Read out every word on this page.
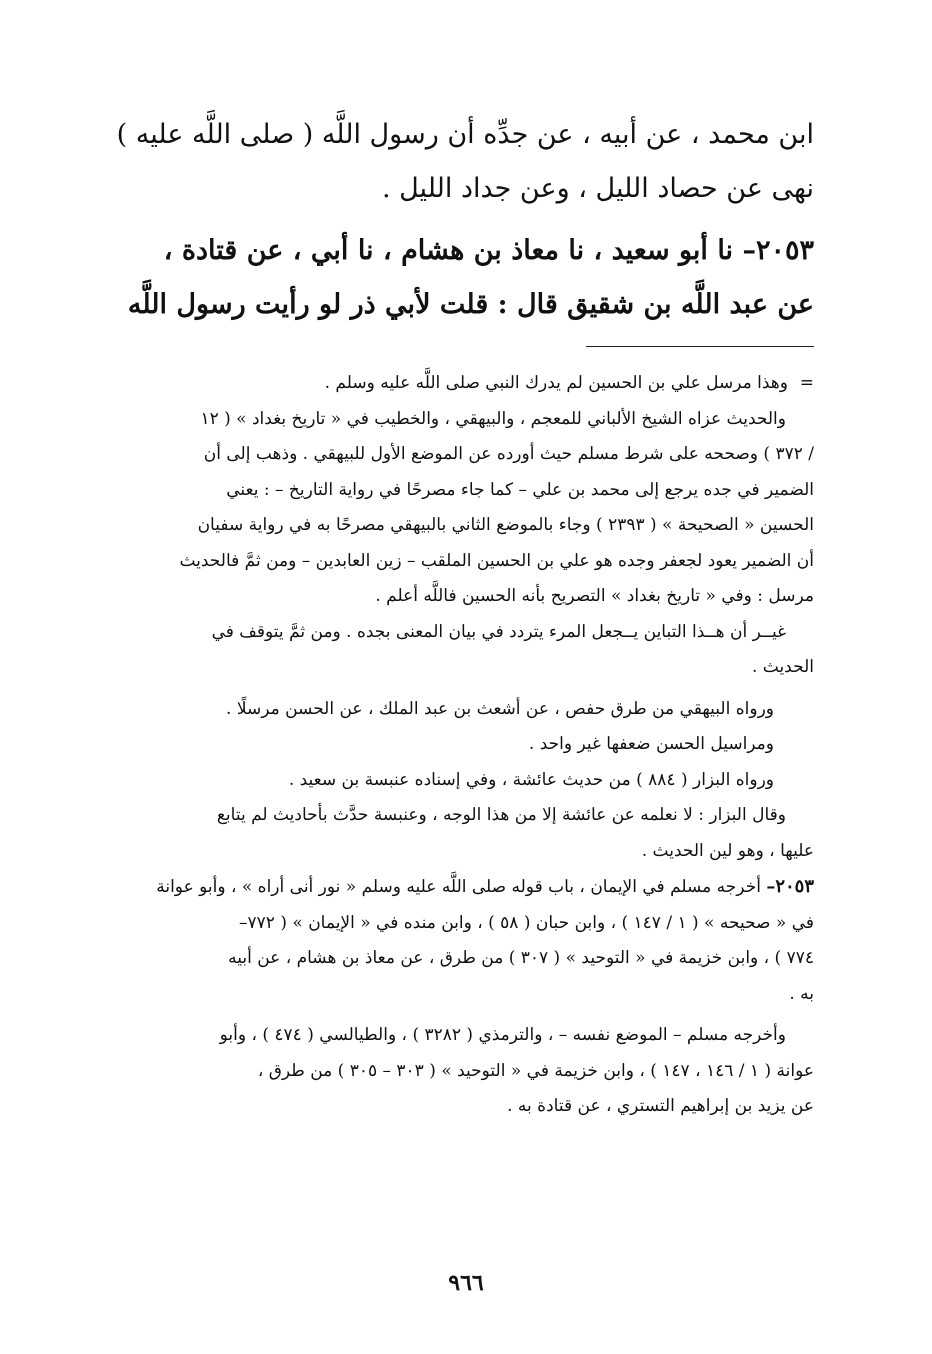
ابن محمد ، عن أبيه ، عن جدِّه أن رسول اللَّه ( صلى اللَّه عليه )
نهى عن حصاد الليل ، وعن جداد الليل .
٢٠٥٣– نا أبو سعيد ، نا معاذ بن هشام ، نا أبي ، عن قتادة ،
عن عبد اللَّه بن شقيق قال : قلت لأبي ذر لو رأيت رسول اللَّه
=وهذا مرسل علي بن الحسين لم يدرك النبي صلى اللَّه عليه وسلم .
والحديث عزاه الشيخ الألباني للمعجم ، والبيهقي ، والخطيب في « تاريخ بغداد » ( ١٢
/ ٣٧٢ ) وصححه على شرط مسلم حيث أورده عن الموضع الأول للبيهقي . وذهب إلى أن
الضمير في جده يرجع إلى محمد بن علي – كما جاء مصرحًا في رواية التاريخ – : يعني
الحسين « الصحيحة » ( ٢٣٩٣ ) وجاء بالموضع الثاني بالبيهقي مصرحًا به في رواية سفيان
أن الضمير يعود لجعفر وجده هو علي بن الحسين الملقب – زين العابدين – ومن ثمَّ فالحديث
مرسل : وفي « تاريخ بغداد » التصريح بأنه الحسين فاللَّه أعلم .
غيــر أن هــذا التباين يــجعل المرء يتردد في بيان المعنى بجده . ومن ثمَّ يتوقف في
الحديث .
ورواه البيهقي من طرق حفص ، عن أشعث بن عبد الملك ، عن الحسن مرسلًا .
ومراسيل الحسن ضعفها غير واحد .
ورواه البزار ( ٨٨٤ ) من حديث عائشة ، وفي إسناده عنبسة بن سعيد .
وقال البزار : لا نعلمه عن عائشة إلا من هذا الوجه ، وعنبسة حدَّث بأحاديث لم يتابع
عليها ، وهو لين الحديث .
٢٠٥٣– أخرجه مسلم في الإيمان ، باب قوله صلى اللَّه عليه وسلم « نور أنى أراه » ، وأبو عوانة
في « صحيحه » ( ١ / ١٤٧ ) ، وابن حبان ( ٥٨ ) ، وابن منده في « الإيمان » ( ٧٧٢–
٧٧٤ ) ، وابن خزيمة في « التوحيد » ( ٣٠٧ ) من طرق ، عن معاذ بن هشام ، عن أبيه
به .
وأخرجه مسلم – الموضع نفسه – ، والترمذي ( ٣٢٨٢ ) ، والطيالسي ( ٤٧٤ ) ، وأبو
عوانة ( ١ / ١٤٦ ، ١٤٧ ) ، وابن خزيمة في « التوحيد » ( ٣٠٣ – ٣٠٥ ) من طرق ،
عن يزيد بن إبراهيم التستري ، عن قتادة به .
٩٦٦
